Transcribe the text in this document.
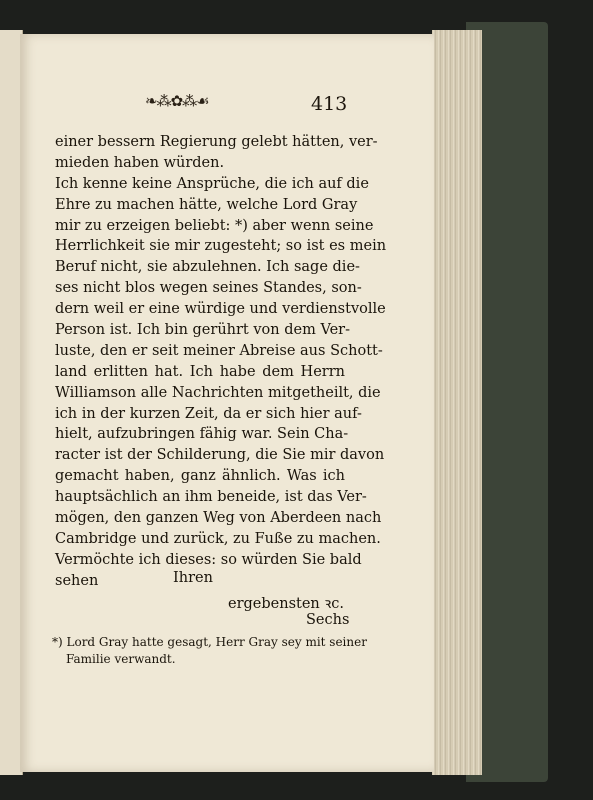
❧⁂✿⁂☙	413
einer bessern Regierung gelebt hätten, ver-
mieden haben würden.
Ich kenne keine Ansprüche, die ich auf die
Ehre zu machen hätte, welche Lord Gray
mir zu erzeigen beliebt: *) aber wenn seine
Herrlichkeit sie mir zugesteht; so ist es mein
Beruf nicht, sie abzulehnen. Ich sage die-
ses nicht blos wegen seines Standes, son-
dern weil er eine würdige und verdienstvolle
Person ist. Ich bin gerührt von dem Ver-
luste, den er seit meiner Abreise aus Schott-
land erlitten hat. Ich habe dem Herrn
Williamson alle Nachrichten mitgetheilt, die
ich in der kurzen Zeit, da er sich hier auf-
hielt, aufzubringen fähig war. Sein Cha-
racter ist der Schilderung, die Sie mir davon
gemacht haben, ganz ähnlich. Was ich
hauptsächlich an ihm beneide, ist das Ver-
mögen, den ganzen Weg von Aberdeen nach
Cambridge und zurück, zu Fuße zu machen.
Vermöchte ich dieses: so würden Sie bald
sehen	Ihren
ergebensten ꝛc.
Sechs
*) Lord Gray hatte gesagt, Herr Gray sey mit seiner
Familie verwandt.
